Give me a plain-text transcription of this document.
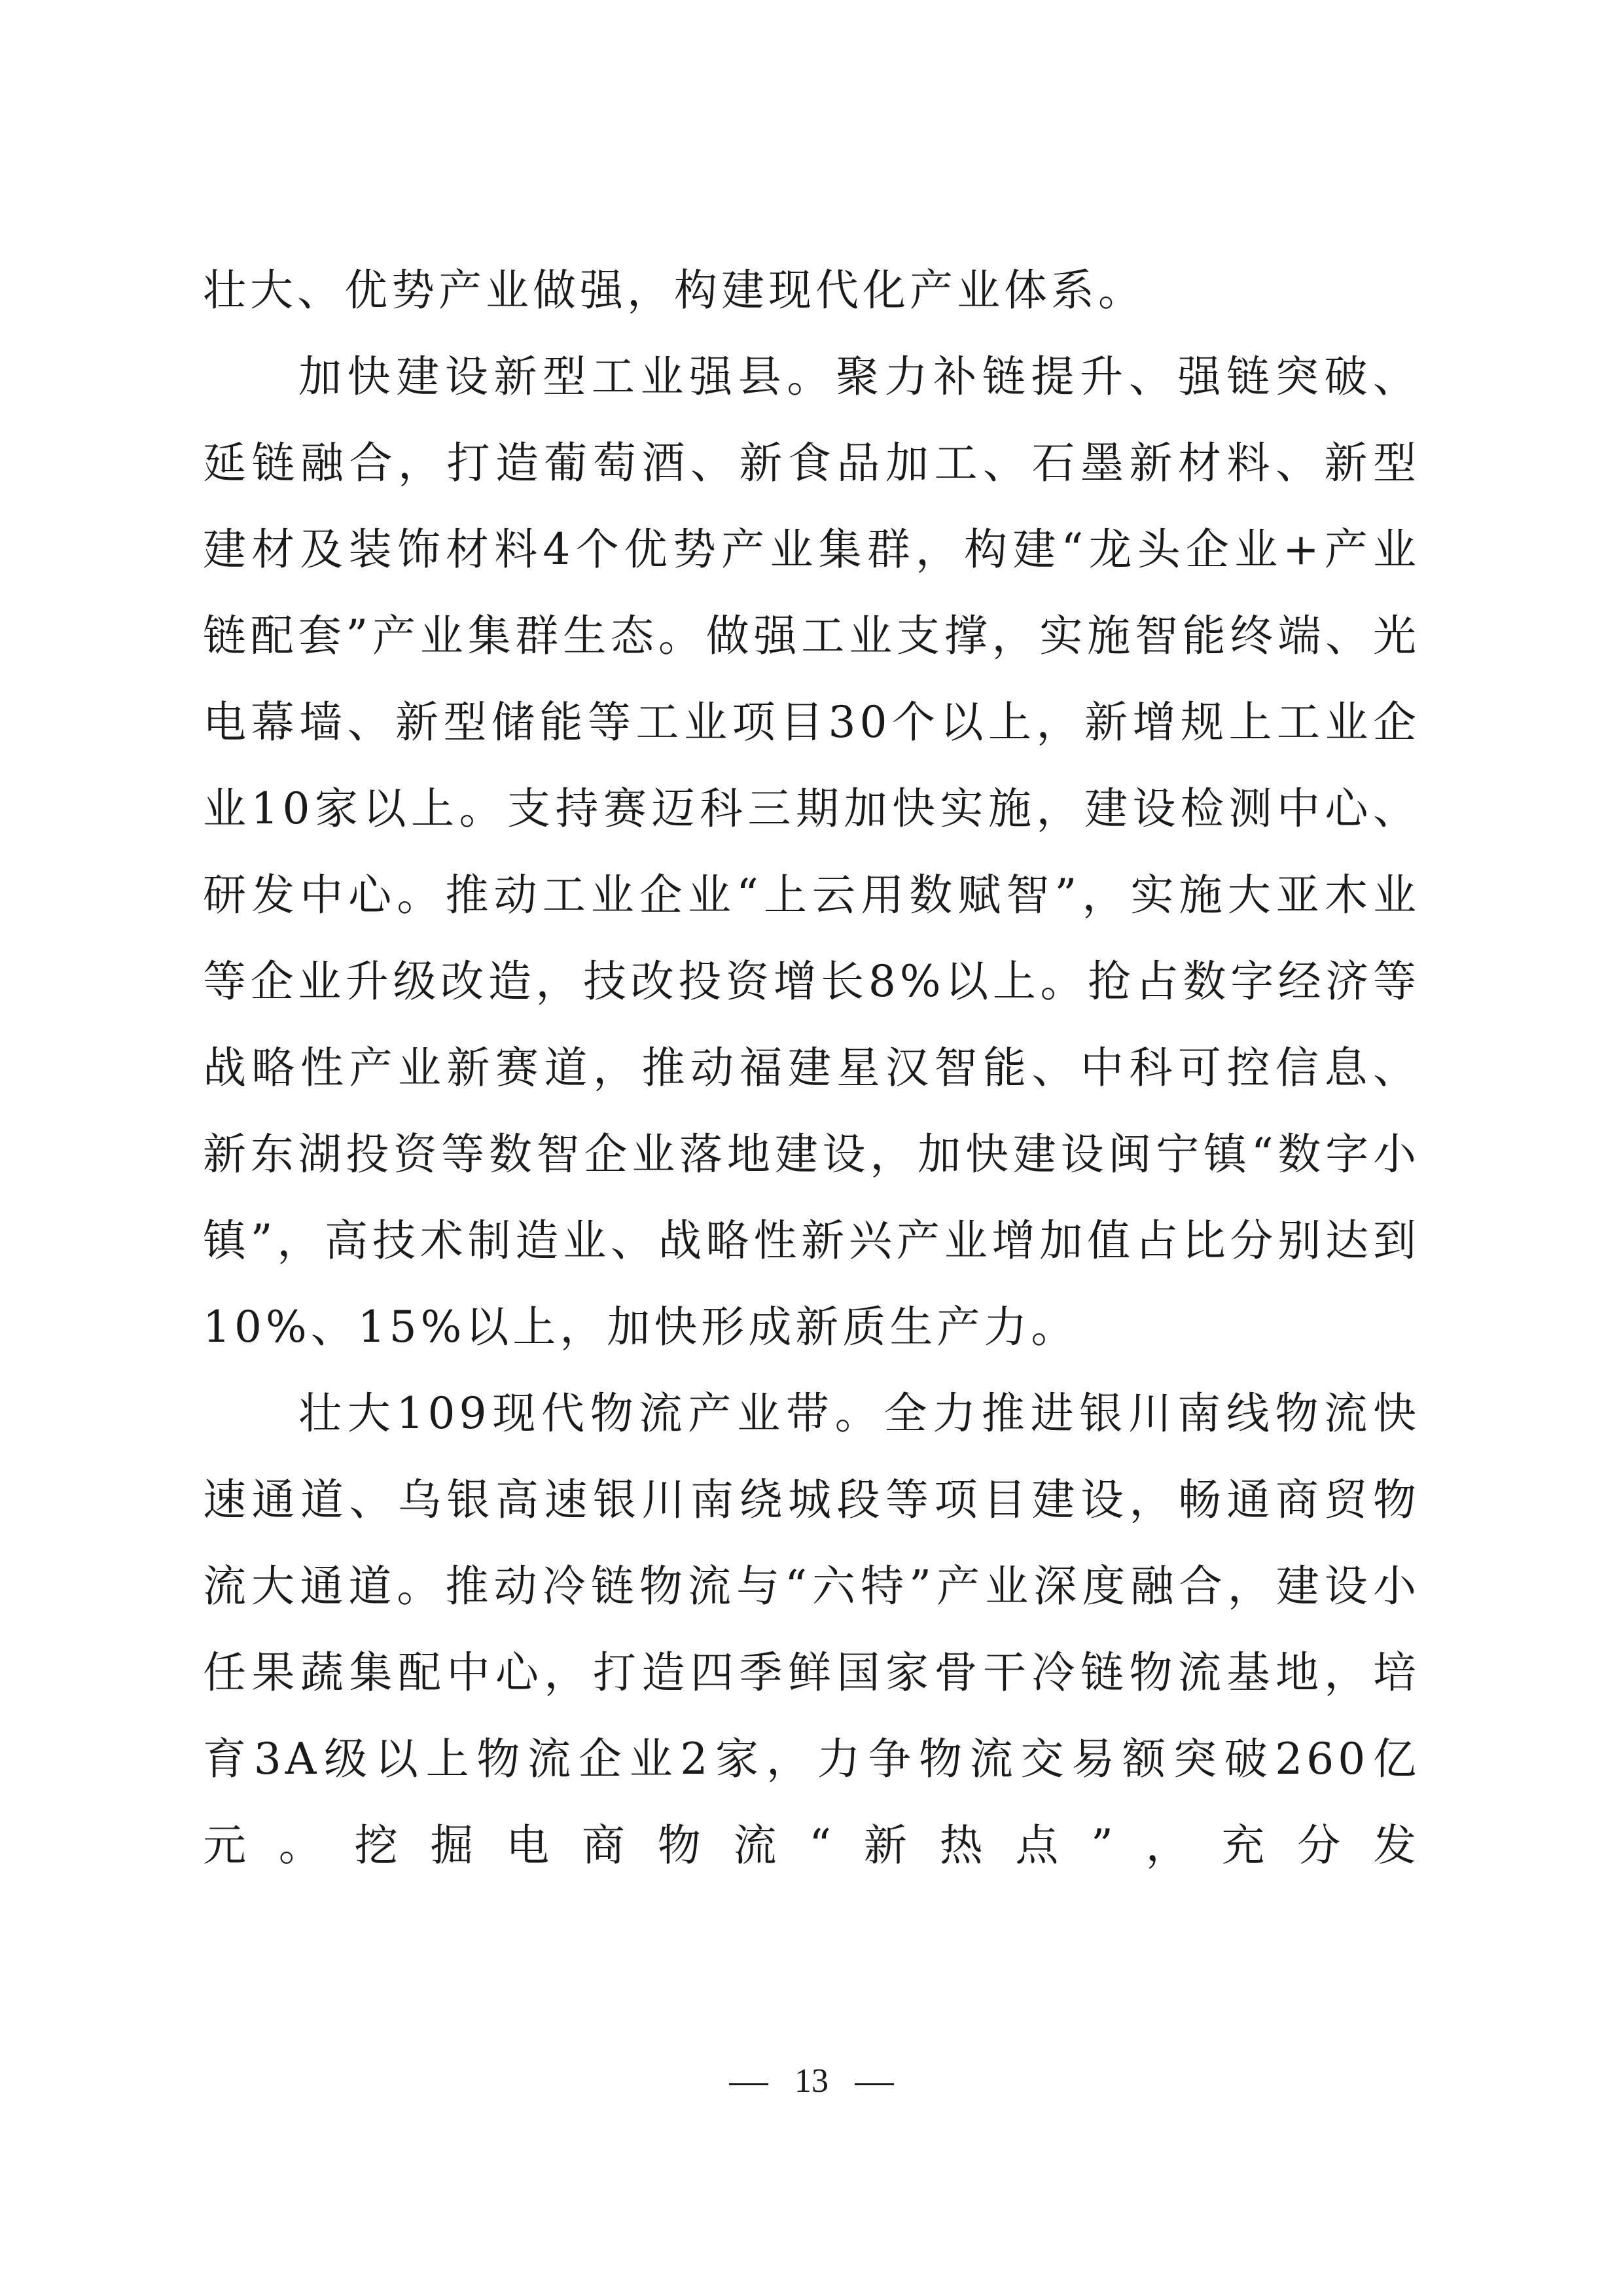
壮大、优势产业做强，构建现代化产业体系。

加快建设新型工业强县。聚力补链提升、强链突破、延链融合，打造葡萄酒、新食品加工、石墨新材料、新型建材及装饰材料4个优势产业集群，构建“龙头企业+产业链配套”产业集群生态。做强工业支撑，实施智能终端、光电幕墙、新型储能等工业项目30个以上，新增规上工业企业10家以上。支持赛迈科三期加快实施，建设检测中心、研发中心。推动工业企业“上云用数赋智”，实施大亚木业等企业升级改造，技改投资增长8%以上。抢占数字经济等战略性产业新赛道，推动福建星汉智能、中科可控信息、新东湖投资等数智企业落地建设，加快建设闽宁镇“数字小镇”，高技术制造业、战略性新兴产业增加值占比分别达到10%、15%以上，加快形成新质生产力。

壮大109现代物流产业带。全力推进银川南线物流快速通道、乌银高速银川南绕城段等项目建设，畅通商贸物流大通道。推动冷链物流与“六特”产业深度融合，建设小任果蔬集配中心，打造四季鲜国家骨干冷链物流基地，培育3A级以上物流企业2家，力争物流交易额突破260亿元。挖掘电商物流“新热点”，充分发

13
